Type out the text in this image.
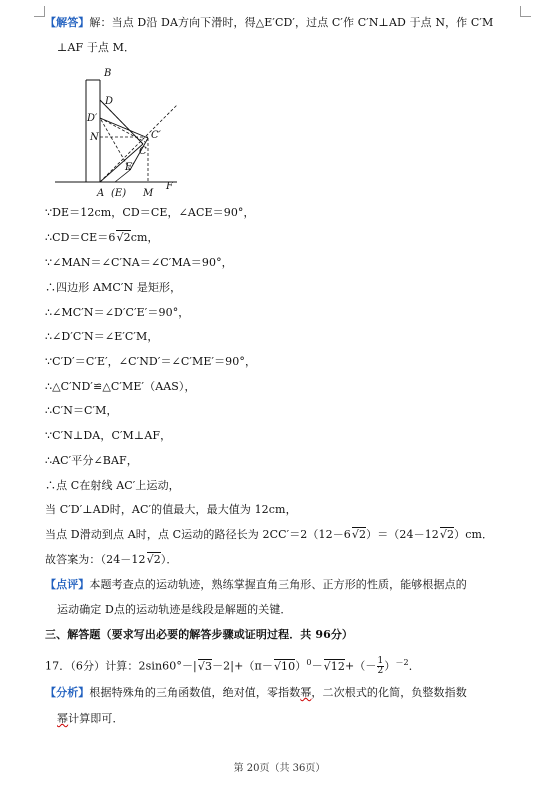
【解答】解：当点 D沿 DA方向下滑时，得△E′CD′，过点 C′作 C′N⊥AD 于点 N，作 C′M
⊥AF 于点 M．
B
D
D′
N	C′
C
E′
A (E) M
F
∵DE＝12cm，CD＝CE，∠ACE＝90°，
∴CD＝CE＝6√2cm，
∵∠MAN＝∠C′NA＝∠C′MA＝90°，
∴四边形 AMC′N 是矩形，
∴∠MC′N＝∠D′C′E′＝90°，
∴∠D′C′N＝∠E′C′M，
∵C′D′＝C′E′，∠C′ND′＝∠C′ME′＝90°，
∴△C′ND′≌△C′ME′（AAS），
∴C′N＝C′M，
∵C′N⊥DA，C′M⊥AF，
∴AC′平分∠BAF，
∴点 C在射线 AC′上运动，
当 C′D′⊥AD时，AC′的值最大，最大值为 12cm，
当点 D滑动到点 A时，点 C运动的路径长为 2CC′＝2（12－6√2）＝（24－12√2）cm．
故答案为：（24－12√2）．
【点评】本题考查点的运动轨迹，熟练掌握直角三角形、正方形的性质，能够根据点的
运动确定 D点的运动轨迹是线段是解题的关键．
三、解答题（要求写出必要的解答步骤或证明过程．共 96分）
17．（6分）计算：$2\sin 60^\circ-|√3-2|+(\pi-√10)^0-√12+(- \frac{1}{2} )^{-2}$．
【分析】根据特殊角的三角函数值，绝对值，零指数幂，二次根式的化简，负整数指数
幂计算即可．
第 20页（共 36页）
